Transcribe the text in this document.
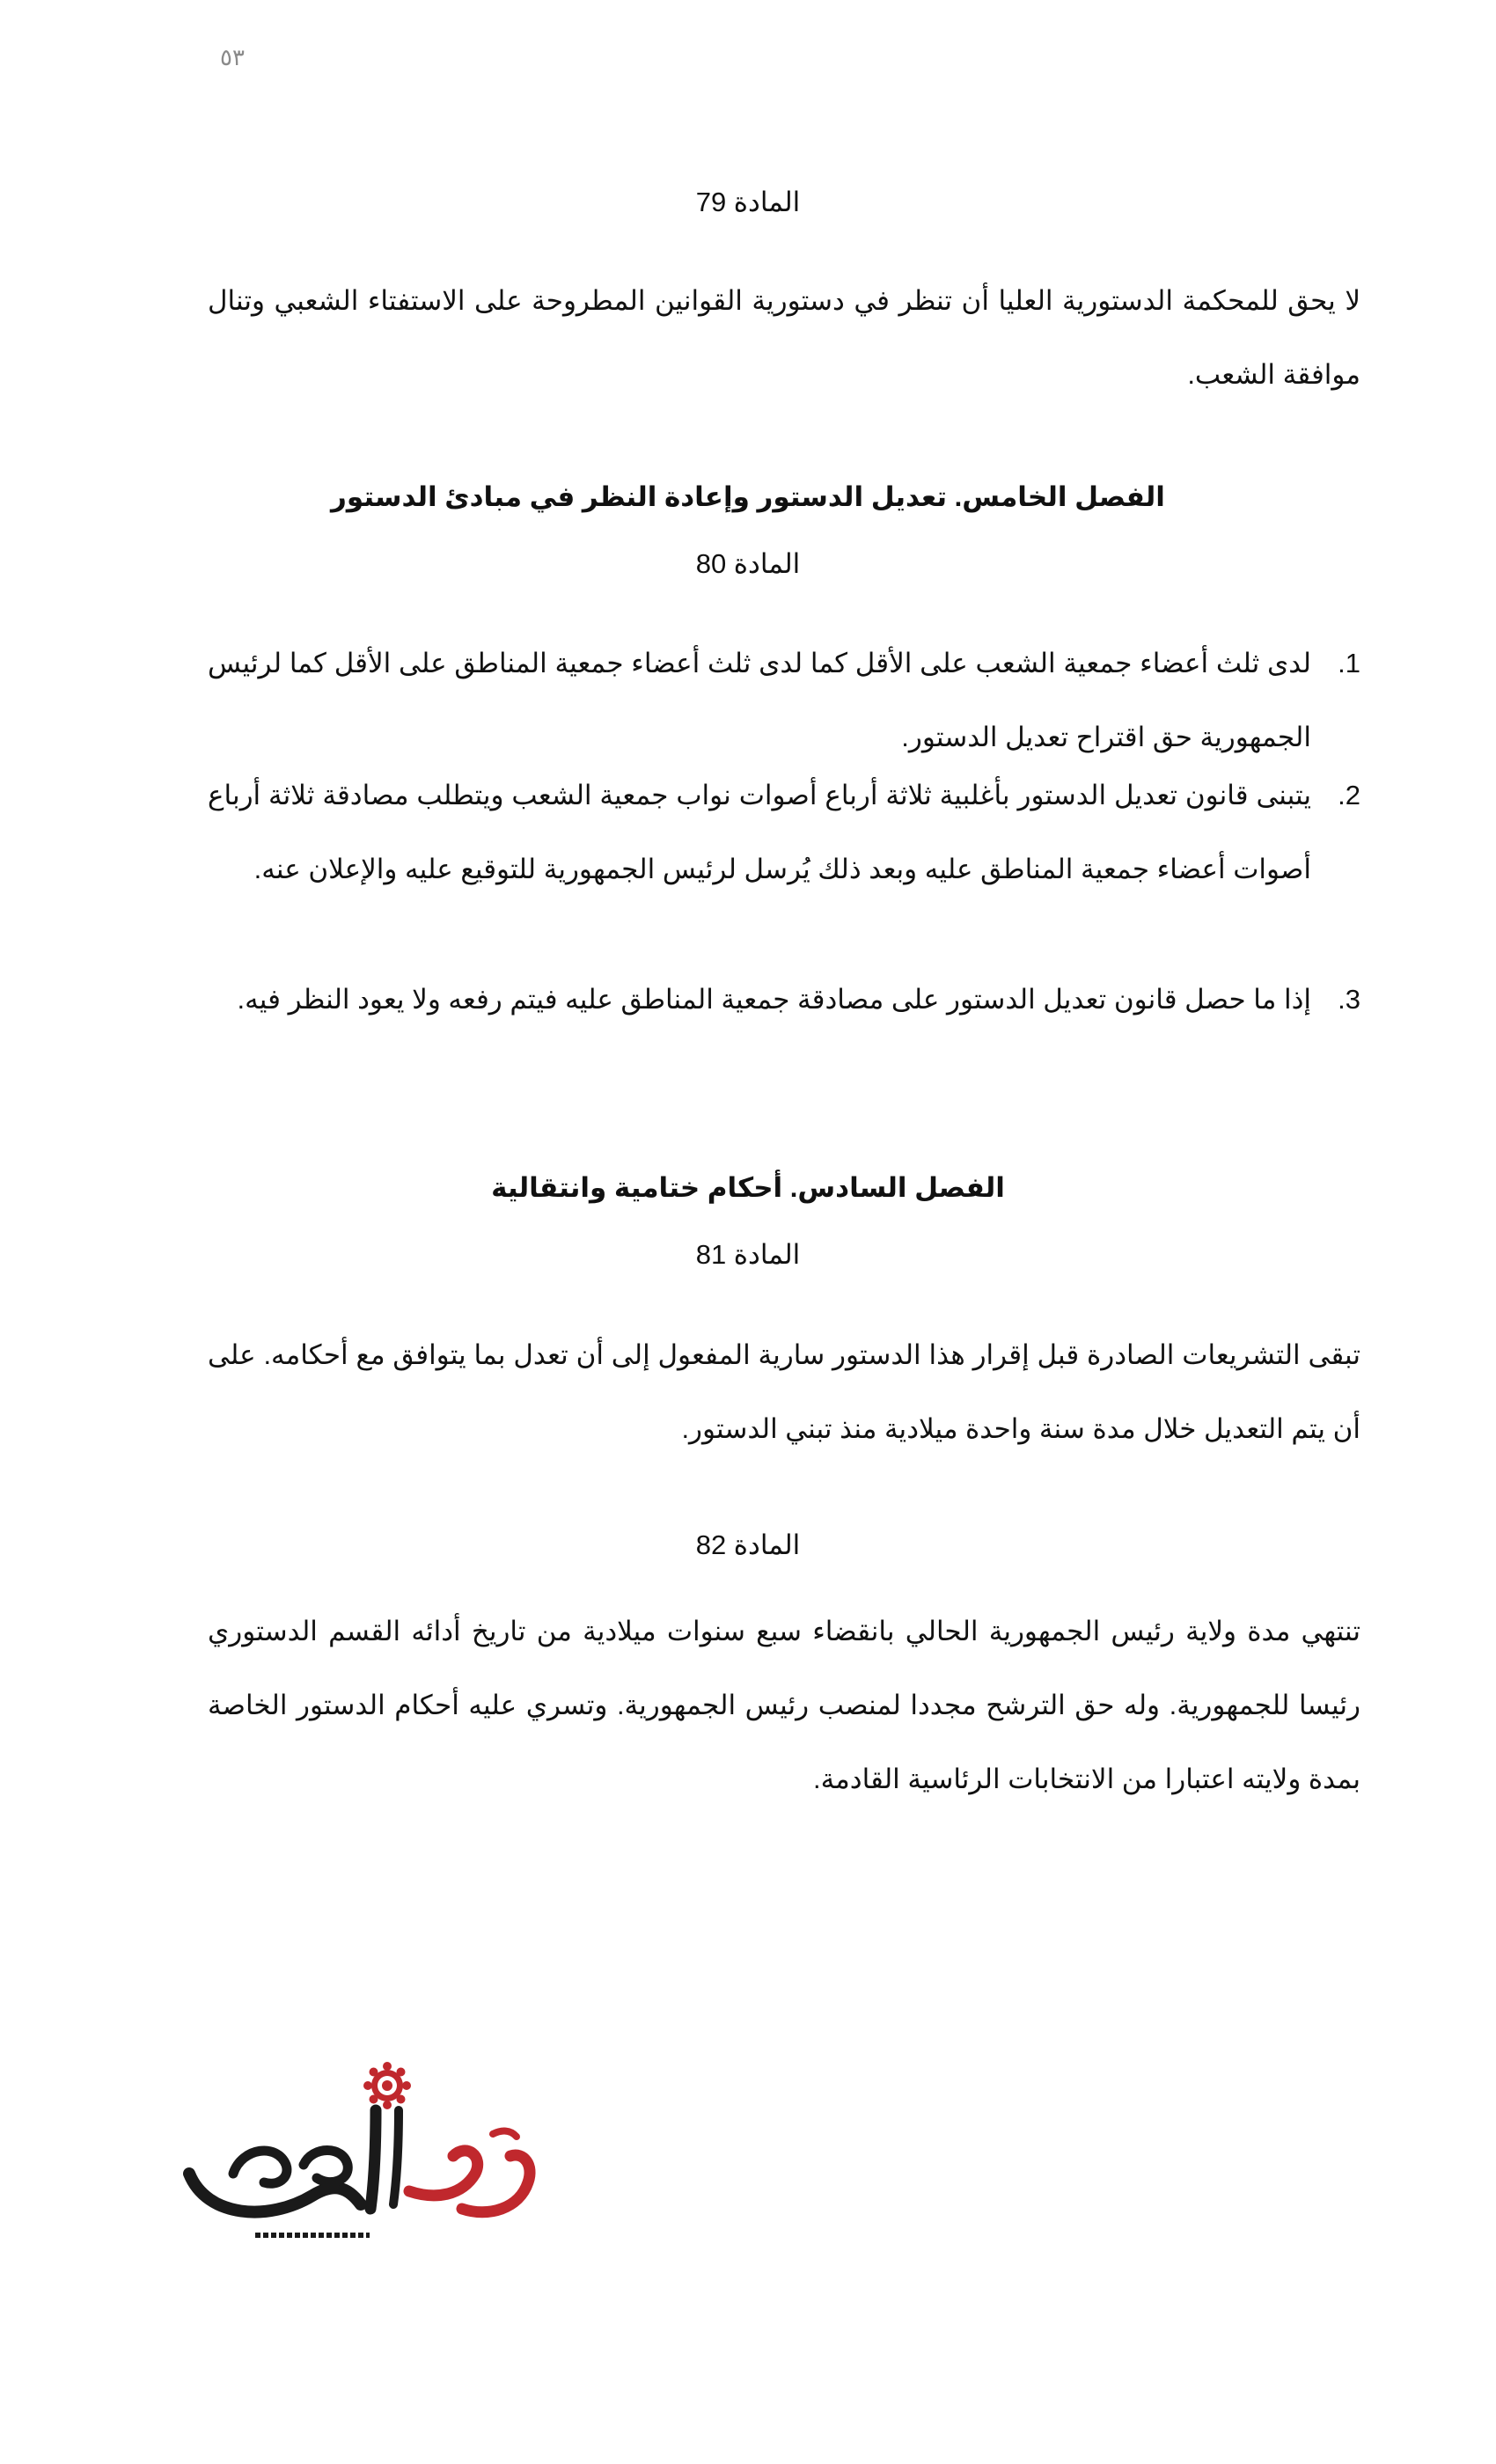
٥٣
المادة 79
لا يحق للمحكمة الدستورية العليا أن تنظر في دستورية القوانين المطروحة على الاستفتاء الشعبي وتنال موافقة الشعب.
الفصل الخامس. تعديل الدستور وإعادة النظر في مبادئ الدستور
المادة 80
1.
لدى ثلث أعضاء جمعية الشعب على الأقل كما لدى ثلث أعضاء جمعية المناطق على الأقل كما لرئيس الجمهورية حق اقتراح تعديل الدستور.
2.
يتبنى قانون تعديل الدستور بأغلبية ثلاثة أرباع أصوات نواب جمعية الشعب ويتطلب مصادقة ثلاثة أرباع أصوات أعضاء جمعية المناطق عليه وبعد ذلك يُرسل لرئيس الجمهورية للتوقيع عليه والإعلان عنه.
3.
إذا ما حصل قانون تعديل الدستور على مصادقة جمعية المناطق عليه فيتم رفعه ولا يعود النظر فيه.
الفصل السادس. أحكام ختامية وانتقالية
المادة 81
تبقى التشريعات الصادرة قبل إقرار هذا الدستور سارية المفعول إلى أن تعدل بما يتوافق مع أحكامه. على أن يتم التعديل خلال مدة سنة واحدة ميلادية منذ تبني الدستور.
المادة 82
تنتهي مدة ولاية رئيس الجمهورية الحالي بانقضاء سبع سنوات ميلادية من تاريخ أدائه القسم الدستوري رئيسا للجمهورية. وله حق الترشح مجددا لمنصب رئيس الجمهورية. وتسري عليه أحكام الدستور الخاصة بمدة ولايته اعتبارا من الانتخابات الرئاسية القادمة.
